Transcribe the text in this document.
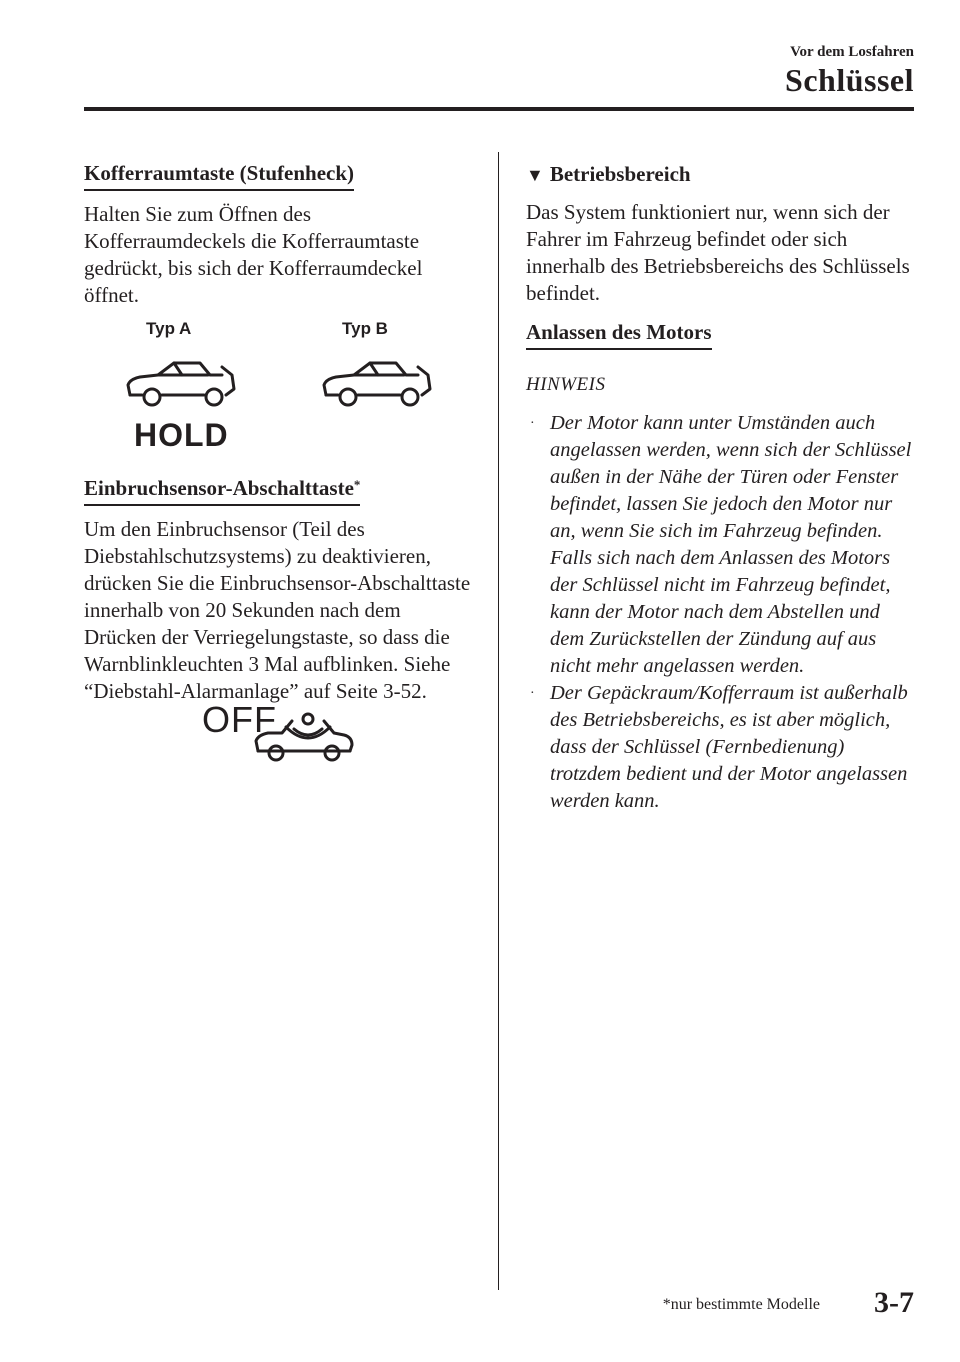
Vor dem Losfahren
Schlüssel
Kofferraumtaste (Stufenheck)

Halten Sie zum Öffnen des Kofferraumdeckels die Kofferraumtaste gedrückt, bis sich der Kofferraumdeckel öffnet.

Typ A	Typ B
HOLD
Einbruchsensor-Abschalttaste*

Um den Einbruchsensor (Teil des Diebstahlschutzsystems) zu deaktivieren, drücken Sie die Einbruchsensor-Abschalttaste innerhalb von 20 Sekunden nach dem Drücken der Verriegelungstaste, so dass die Warnblinkleuchten 3 Mal aufblinken. Siehe “Diebstahl-Alarmanlage” auf Seite 3-52.

OFF
▼ Betriebsbereich

Das System funktioniert nur, wenn sich der Fahrer im Fahrzeug befindet oder sich innerhalb des Betriebsbereichs des Schlüssels befindet.

Anlassen des Motors
HINWEIS
· Der Motor kann unter Umständen auch angelassen werden, wenn sich der Schlüssel außen in der Nähe der Türen oder Fenster befindet, lassen Sie jedoch den Motor nur an, wenn Sie sich im Fahrzeug befinden.
Falls sich nach dem Anlassen des Motors der Schlüssel nicht im Fahrzeug befindet, kann der Motor nach dem Abstellen und dem Zurückstellen der Zündung auf aus nicht mehr angelassen werden.
· Der Gepäckraum/Kofferraum ist außerhalb des Betriebsbereichs, es ist aber möglich, dass der Schlüssel (Fernbedienung) trotzdem bedient und der Motor angelassen werden kann.
*nur bestimmte Modelle 3-7
